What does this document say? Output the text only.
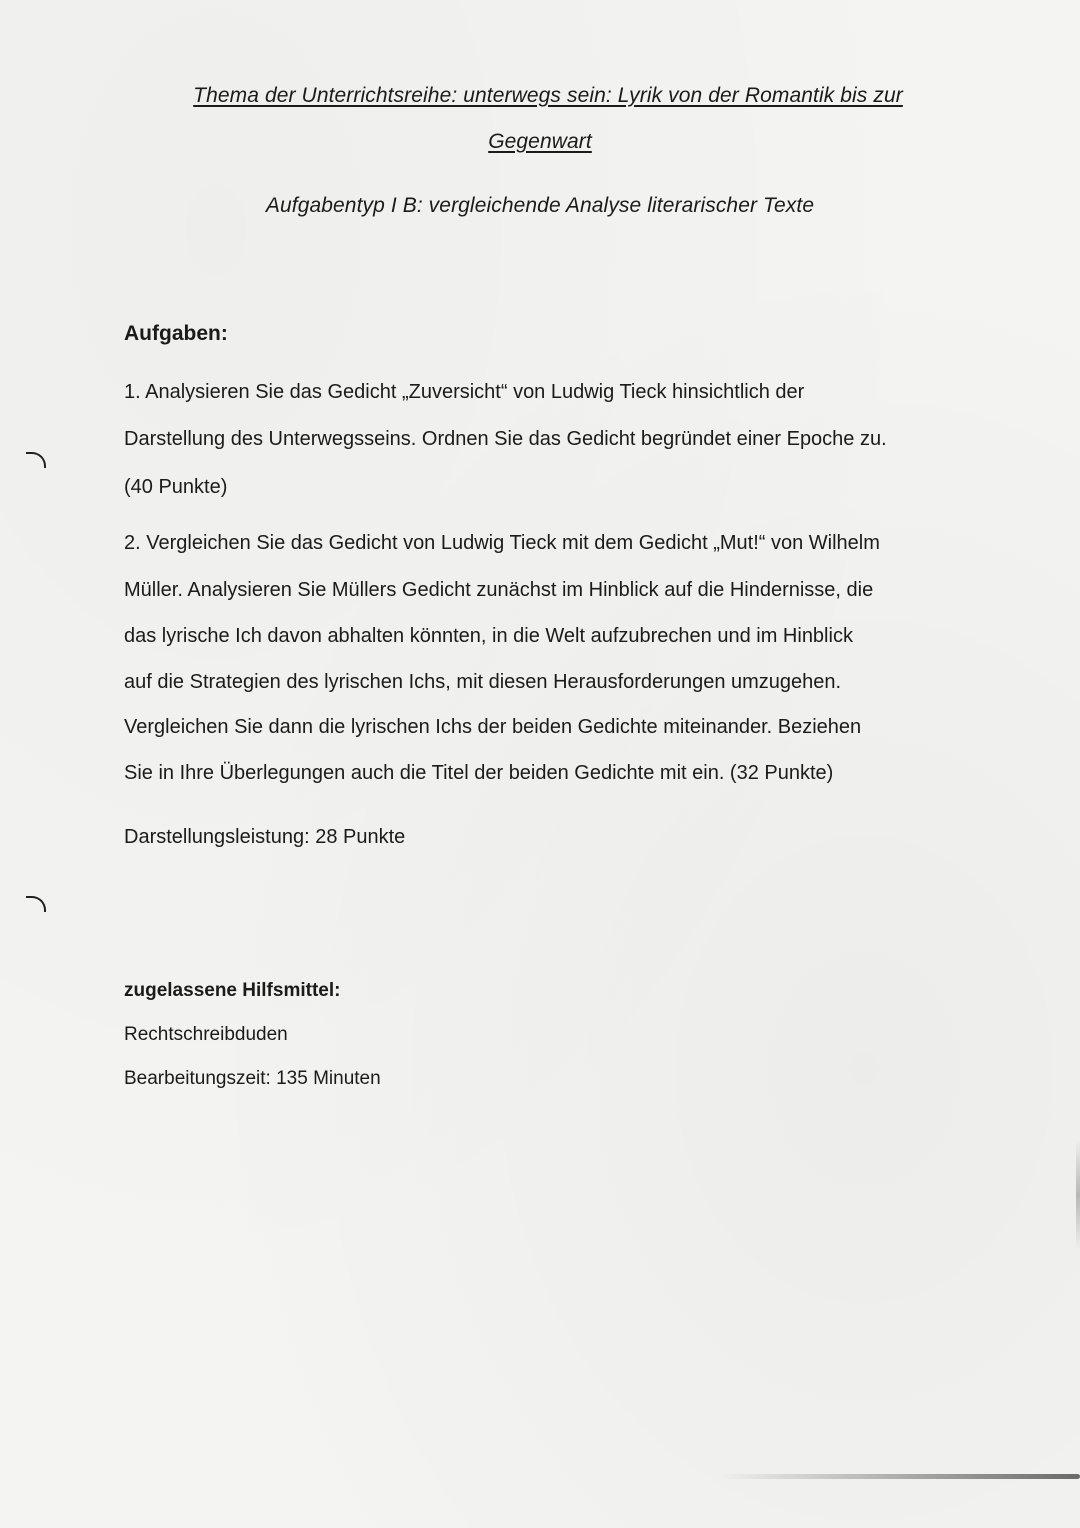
Thema der Unterrichtsreihe: unterwegs sein: Lyrik von der Romantik bis zur
Gegenwart
Aufgabentyp I B: vergleichende Analyse literarischer Texte
Aufgaben:
1. Analysieren Sie das Gedicht „Zuversicht“ von Ludwig Tieck hinsichtlich der
Darstellung des Unterwegsseins. Ordnen Sie das Gedicht begründet einer Epoche zu.
(40 Punkte)
2. Vergleichen Sie das Gedicht von Ludwig Tieck mit dem Gedicht „Mut!“ von Wilhelm
Müller. Analysieren Sie Müllers Gedicht zunächst im Hinblick auf die Hindernisse, die
das lyrische Ich davon abhalten könnten, in die Welt aufzubrechen und im Hinblick
auf die Strategien des lyrischen Ichs, mit diesen Herausforderungen umzugehen.
Vergleichen Sie dann die lyrischen Ichs der beiden Gedichte miteinander. Beziehen
Sie in Ihre Überlegungen auch die Titel der beiden Gedichte mit ein. (32 Punkte)
Darstellungsleistung: 28 Punkte
zugelassene Hilfsmittel:
Rechtschreibduden
Bearbeitungszeit: 135 Minuten
